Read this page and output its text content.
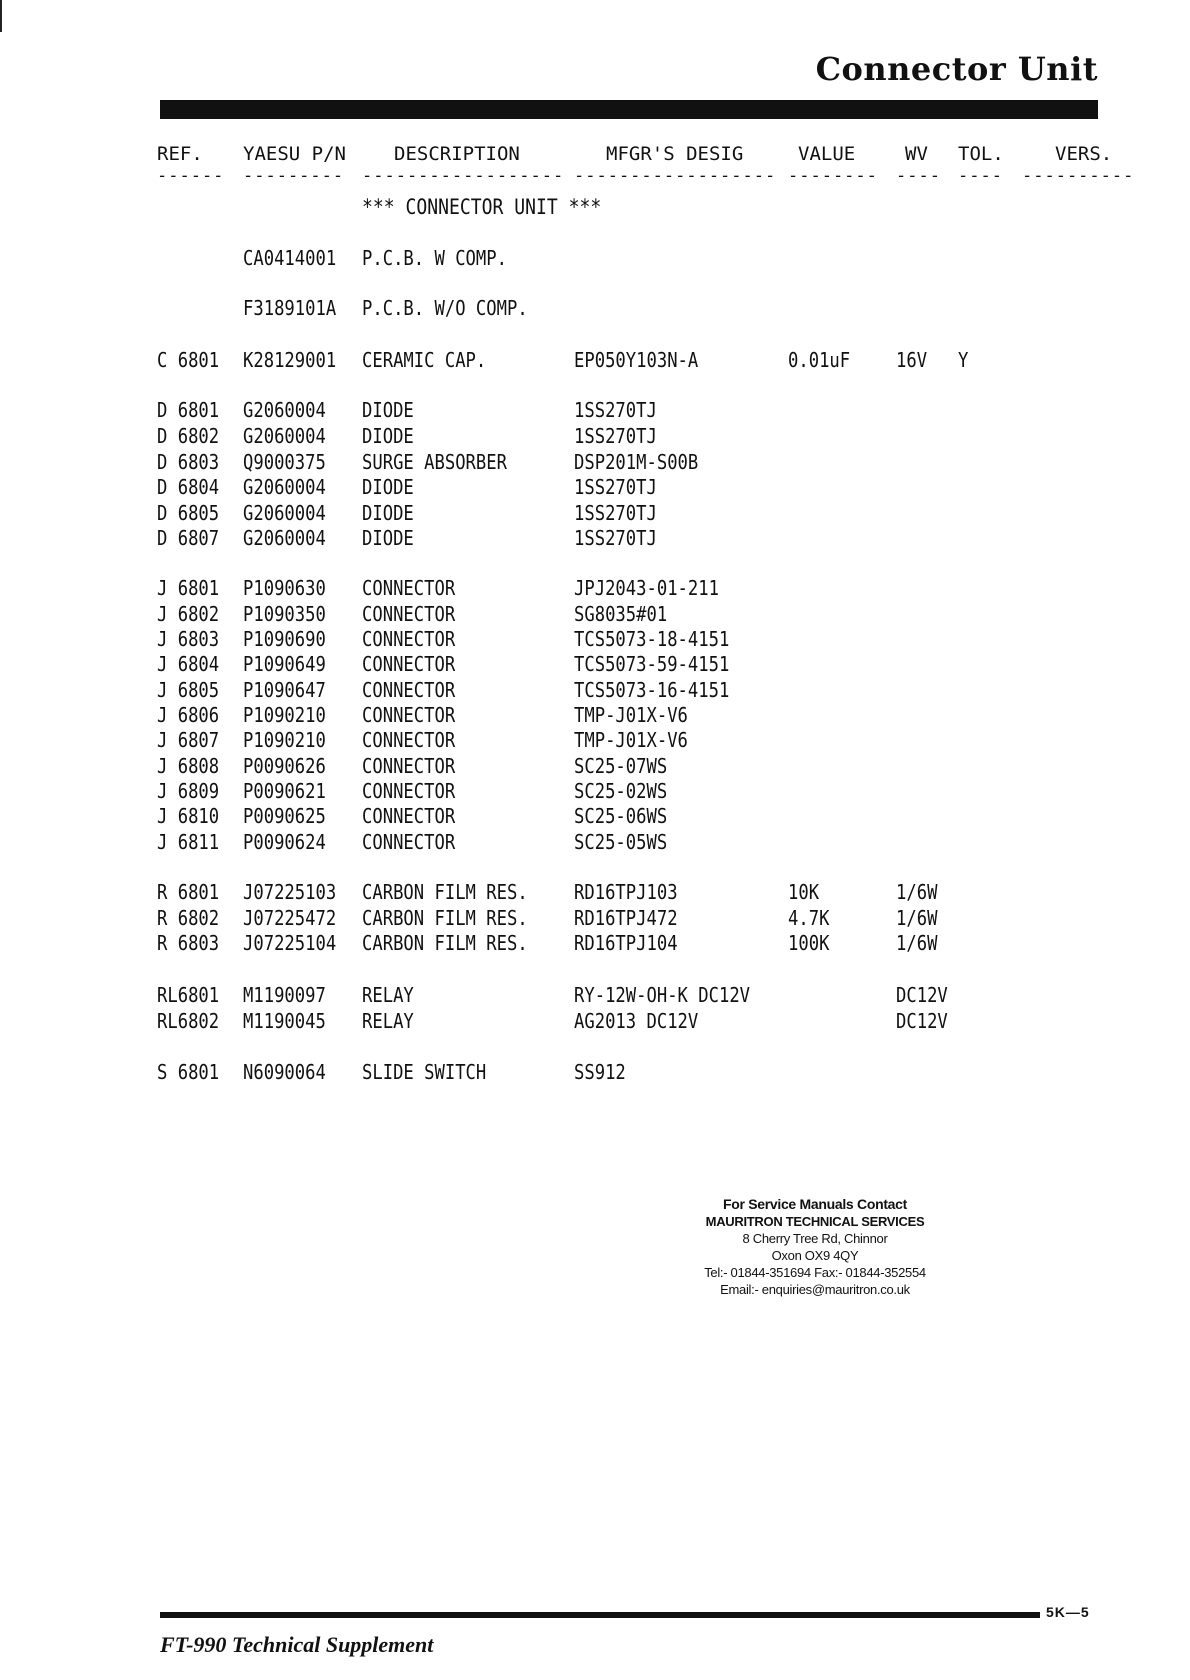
Connector Unit
REF. YAESU P/N	DESCRIPTION	MFGR'S DESIG	VALUE	WV TOL.	VERS.
------ --------- ------------------ ------------------ -------- ---- ---- ----------
*** CONNECTOR UNIT ***
CA0414001 P.C.B. W COMP.
F3189101A P.C.B. W/O COMP.
C 6801 K28129001 CERAMIC CAP.	EP050Y103N-A	0.01uF 16V Y
D 6801 G2060004 DIODE	1SS270TJ
D 6802 G2060004 DIODE	1SS270TJ
D 6803 Q9000375 SURGE ABSORBER	DSP201M-S00B
D 6804 G2060004 DIODE	1SS270TJ
D 6805 G2060004 DIODE	1SS270TJ
D 6807 G2060004 DIODE	1SS270TJ
J 6801 P1090630 CONNECTOR	JPJ2043-01-211
J 6802 P1090350 CONNECTOR	SG8035#01
J 6803 P1090690 CONNECTOR	TCS5073-18-4151
J 6804 P1090649 CONNECTOR	TCS5073-59-4151
J 6805 P1090647 CONNECTOR	TCS5073-16-4151
J 6806 P1090210 CONNECTOR	TMP-J01X-V6
J 6807 P1090210 CONNECTOR	TMP-J01X-V6
J 6808 P0090626 CONNECTOR	SC25-07WS
J 6809 P0090621 CONNECTOR	SC25-02WS
J 6810 P0090625 CONNECTOR	SC25-06WS
J 6811 P0090624 CONNECTOR	SC25-05WS
R 6801 J07225103 CARBON FILM RES. RD16TPJ103	10K	1/6W
R 6802 J07225472 CARBON FILM RES. RD16TPJ472	4.7K	1/6W
R 6803 J07225104 CARBON FILM RES. RD16TPJ104	100K	1/6W
RL6801 M1190097 RELAY	RY-12W-OH-K DC12V	DC12V
RL6802 M1190045 RELAY	AG2013 DC12V	DC12V
S 6801 N6090064 SLIDE SWITCH	SS912
For Service Manuals Contact
MAURITRON TECHNICAL SERVICES
8 Cherry Tree Rd, Chinnor
Oxon OX9 4QY
Tel:- 01844-351694 Fax:- 01844-352554
Email:- enquiries@mauritron.co.uk
5K—5
FT-990 Technical Supplement
